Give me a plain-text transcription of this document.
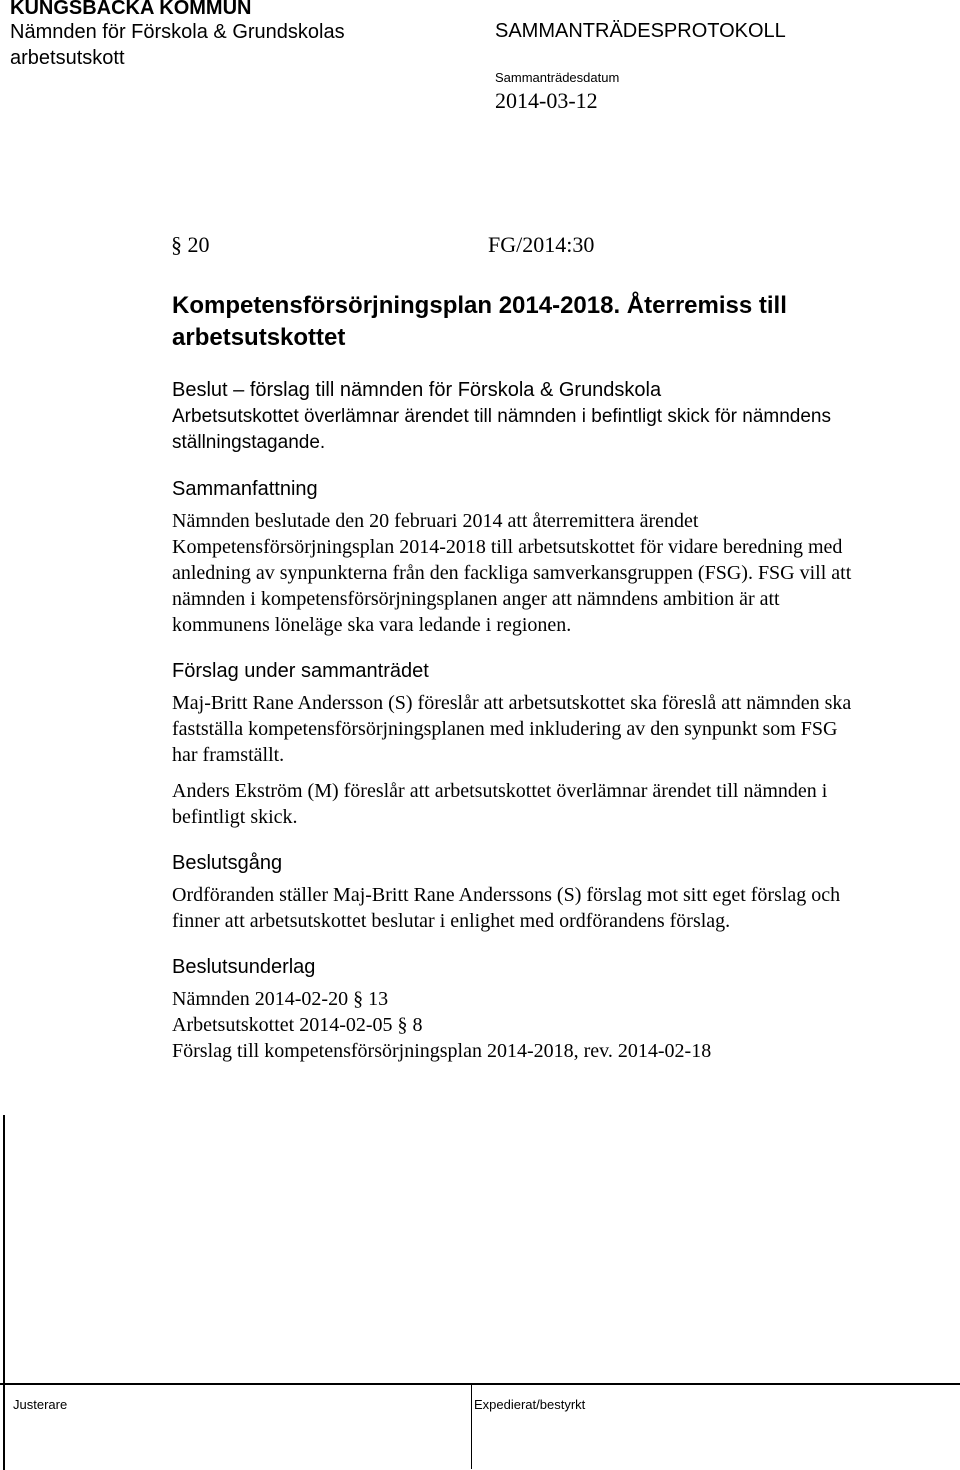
KUNGSBACKA KOMMUN
Nämnden för Förskola & Grundskolas
arbetsutskott
SAMMANTRÄDESPROTOKOLL
Sammanträdesdatum
2014-03-12
§ 20	FG/2014:30
Kompetensförsörjningsplan 2014-2018. Återremiss till
arbetsutskottet
Beslut – förslag till nämnden för Förskola & Grundskola
Arbetsutskottet överlämnar ärendet till nämnden i befintligt skick för nämndens
ställningstagande.
Sammanfattning
Nämnden beslutade den 20 februari 2014 att återremittera ärendet
Kompetensförsörjningsplan 2014-2018 till arbetsutskottet för vidare beredning med
anledning av synpunkterna från den fackliga samverkansgruppen (FSG). FSG vill att
nämnden i kompetensförsörjningsplanen anger att nämndens ambition är att
kommunens löneläge ska vara ledande i regionen.
Förslag under sammanträdet
Maj-Britt Rane Andersson (S) föreslår att arbetsutskottet ska föreslå att nämnden ska
fastställa kompetensförsörjningsplanen med inkludering av den synpunkt som FSG
har framställt.
Anders Ekström (M) föreslår att arbetsutskottet överlämnar ärendet till nämnden i
befintligt skick.
Beslutsgång
Ordföranden ställer Maj-Britt Rane Anderssons (S) förslag mot sitt eget förslag och
finner att arbetsutskottet beslutar i enlighet med ordförandens förslag.
Beslutsunderlag
Nämnden 2014-02-20 § 13
Arbetsutskottet 2014-02-05 § 8
Förslag till kompetensförsörjningsplan 2014-2018, rev. 2014-02-18
Justerare	Expedierat/bestyrkt
